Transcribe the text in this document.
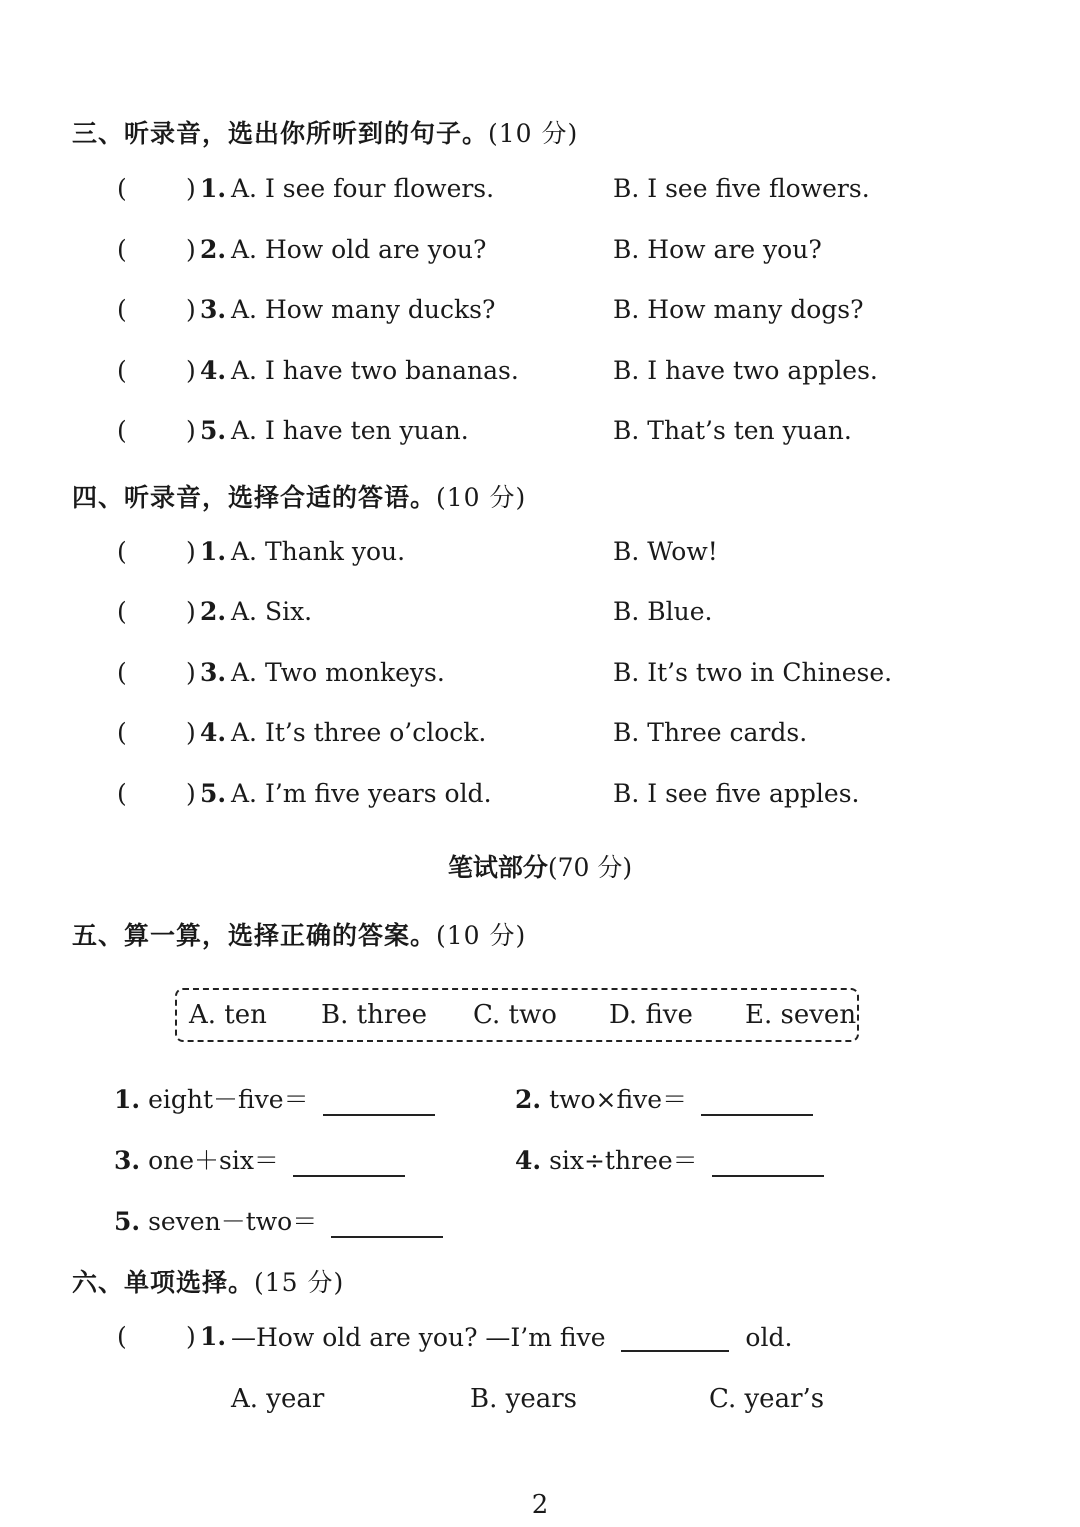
三、听录音，选出你所听到的句子。(10 分)
( ) 1. A. I see four flowers.	B. I see five flowers.
( ) 2. A. How old are you?	B. How are you?
( ) 3. A. How many ducks?	B. How many dogs?
( ) 4. A. I have two bananas.	B. I have two apples.
( ) 5. A. I have ten yuan.	B. That’s ten yuan.
四、听录音，选择合适的答语。(10 分)
( ) 1. A. Thank you.	B. Wow!
( ) 2. A. Six.	B. Blue.
( ) 3. A. Two monkeys.	B. It’s two in Chinese.
( ) 4. A. It’s three o’clock.	B. Three cards.
( ) 5. A. I’m five years old.	B. I see five apples.
笔试部分(70 分)
五、算一算，选择正确的答案。(10 分)
A. ten B. three C. two D. five E. seven
1. eight－five＝	2. two×five＝
3. one＋six＝	4. six÷three＝
5. seven－two＝
六、单项选择。(15 分)
( ) 1. —How old are you? —I’m five	old.
A. year	B. years	C. year’s
2
